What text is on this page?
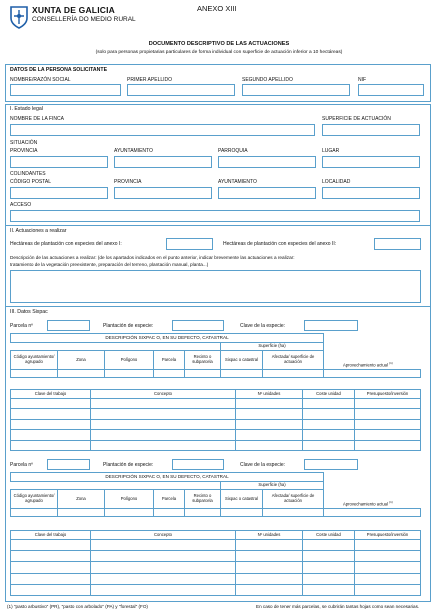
XUNTA DE GALICIA
CONSELLERÍA DO MEDIO RURAL
ANEXO XIII
DOCUMENTO DESCRIPTIVO DE LAS ACTUACIONES
(solo para personas propietarias particulares de forma individual con superficie de actuación inferior a 10 hectáreas)
DATOS DE LA PERSONA SOLICITANTE
NOMBRE/RAZÓN SOCIAL	PRIMER APELLIDO	SEGUNDO APELLIDO	NIF
I. Estado legal
NOMBRE DE LA FINCA	SUPERFICIE DE ACTUACIÓN
SITUACIÓN
PROVINCIA	AYUNTAMIENTO	PARROQUIA	LUGAR
COLINDANTES
CÓDIGO POSTAL	PROVINCIA	AYUNTAMIENTO	LOCALIDAD
ACCESO
II. Actuaciones a realizar
Hectáreas de plantación con especies del anexo I:	Hectáreas de plantación con especies del anexo II:
Descripción de las actuaciones a realizar: (de los apartados indicados en el punto anterior, indicar brevemente las actuaciones a realizar:
tratamiento de la vegetación preexistente, preparación del terreno, plantación manual, planta...)
III. Datos Sixpac
Parcela nº	Plantación de especie:	Clave de la especie:
DESCRIPCIÓN SIXPAC O, EN SU DEFECTO, CATASTRAL							
					Superficie (ha)		
Código ayuntamiento/ agrupado	Zona	Polígono	Parcela	Recinto o subparcela	Sixpac o catastral	Afectada/ superficie de actuación	

Aprovechamiento actual $^{(1)}$
Clave del trabajo	Concepto	Nº unidades	Coste unidad	Presupuesto/inversión

Parcela nº	Plantación de especie:	Clave de la especie:
DESCRIPCIÓN SIXPAC O, EN SU DEFECTO, CATASTRAL							
					Superficie (ha)		
Código ayuntamiento/ agrupado	Zona	Polígono	Parcela	Recinto o subparcela	Sixpac o catastral	Afectada/ superficie de actuación	

Aprovechamiento actual $^{(1)}$
Clave del trabajo	Concepto	Nº unidades	Coste unidad	Presupuesto/inversión

(1) "pasto arbustivo" (PR), "pasto con arbolado" (PA) y "forestal" (FO)	En caso de tener más parcelas, se cubrirán tantas hojas como sean necesarias.
